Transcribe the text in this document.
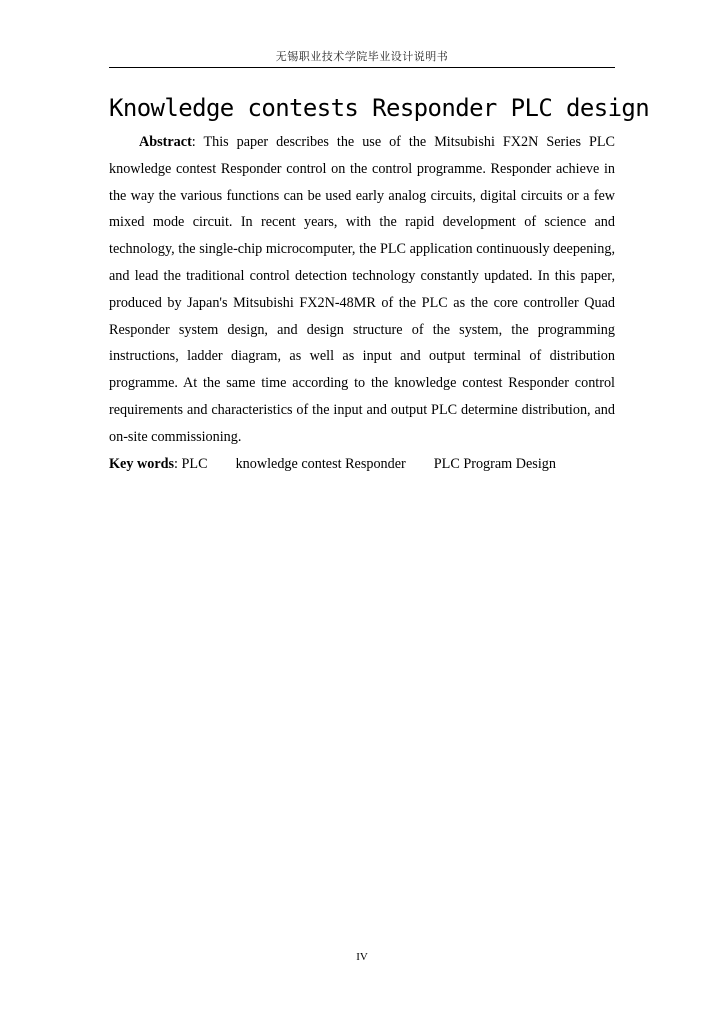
无锡职业技术学院毕业设计说明书
Knowledge contests Responder PLC design

Abstract: This paper describes the use of the Mitsubishi FX2N Series PLC knowledge contest Responder control on the control programme. Responder achieve in the way the various functions can be used early analog circuits, digital circuits or a few mixed mode circuit. In recent years, with the rapid development of science and technology, the single-chip microcomputer, the PLC application continuously deepening, and lead the traditional control detection technology constantly updated. In this paper, produced by Japan's Mitsubishi FX2N-48MR of the PLC as the core controller Quad Responder system design, and design structure of the system, the programming instructions, ladder diagram, as well as input and output terminal of distribution programme. At the same time according to the knowledge contest Responder control requirements and characteristics of the input and output PLC determine distribution, and on-site commissioning.

Key words: PLC knowledge contest Responder PLC Program Design

IV
